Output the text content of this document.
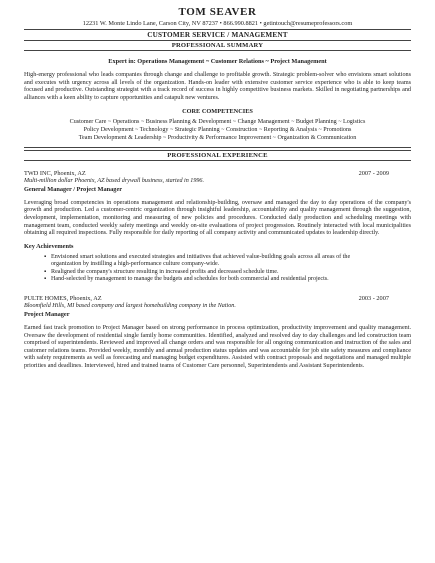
TOM SEAVER
12231 W. Monte Lindo Lane, Carson City, NV 87237 • 866.990.8821 • getintouch@resumeprofessors.com
CUSTOMER SERVICE / MANAGEMENT
PROFESSIONAL SUMMARY
Expert in: Operations Management ~ Customer Relations ~ Project Management

High-energy professional who leads companies through change and challenge to profitable growth. Strategic problem-solver who envisions smart solutions and executes with urgency across all levels of the organization. Hands-on leader with extensive customer service experience who is able to keep teams focused and productive. Outstanding strategist with a track record of success in highly competitive business markets. Skilled in negotiating partnerships and alliances with a keen ability to capture opportunities and catapult new ventures.

CORE COMPETENCIES
Customer Care ~ Operations ~ Business Planning & Development ~ Change Management ~ Budget Planning ~ Logistics
Policy Development ~ Technology ~ Strategic Planning ~ Construction ~ Reporting & Analysis ~ Promotions
Team Development & Leadership ~ Productivity & Performance Improvement ~ Organization & Communication
PROFESSIONAL EXPERIENCE
TWD INC, Phoenix, AZ	2007 - 2009
Multi-million dollar Phoenix, AZ based drywall business, started in 1996.
General Manager / Project Manager

Leveraging broad competencies in operations management and relationship-building, oversaw and managed the day to day operations of the company's growth and production. Led a customer-centric organization through insightful leadership, accountability and quality management through the suggestion, development, implementation, monitoring and measuring of new policies and procedures. Conducted daily production and scheduling meetings with management team, conducted weekly safety meetings and weekly on-site evaluations of project progression. Routinely interacted with local municipalities obtaining all required inspections. Fully responsible for daily reporting of all company activity and communicated updates to leadership directly.

Key Achievements
▪ Envisioned smart solutions and executed strategies and initiatives that achieved value-building goals across all areas of the organization by instilling a high-performance culture company-wide.
▪ Realigned the company's structure resulting in increased profits and decreased schedule time.
▪ Hand-selected by management to manage the budgets and schedules for both commercial and residential projects.
PULTE HOMES, Phoenix, AZ	2003 - 2007
Bloomfield Hills, MI based company and largest homebuilding company in the Nation.
Project Manager

Earned fast track promotion to Project Manager based on strong performance in process optimization, productivity improvement and quality management. Oversaw the development of residential single family home communities. Identified, analyzed and resolved day to day challenges and led construction team comprised of superintendents. Reviewed and improved all change orders and was responsible for all ongoing communication and instruction of the sales and customer relations teams. Provided weekly, monthly and annual production status updates and was accountable for job site safety measures and compliance with safety requirements as well as forecasting and managing budget expenditures. Assisted with contract proposals and negotiations and managed multiple priorities and deadlines. Interviewed, hired and trained teams of Customer Care personnel, Superintendents and Assistant Superintendents.
